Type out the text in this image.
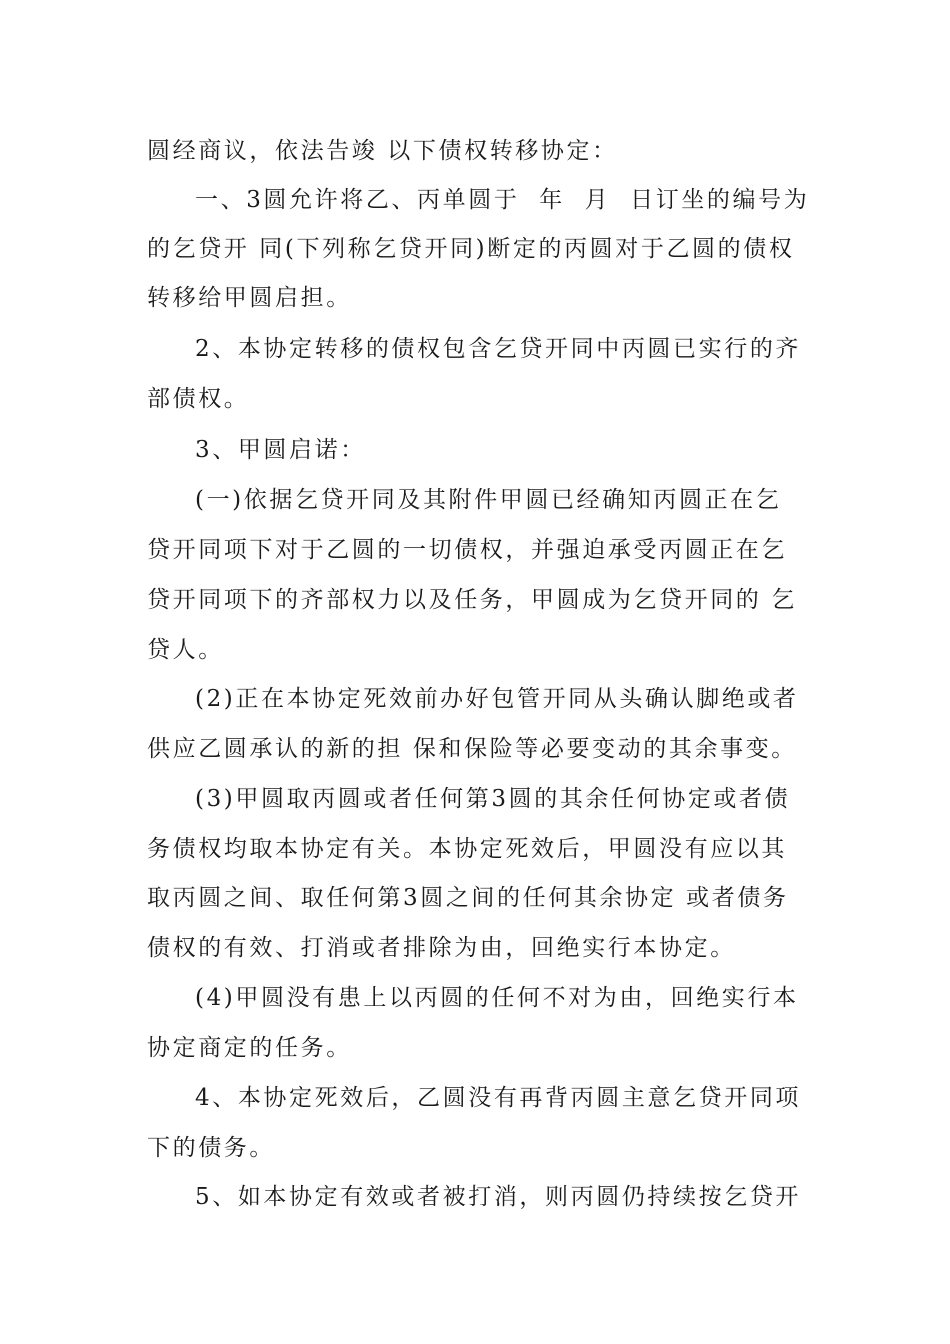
圆经商议，依法告竣 以下债权转移协定：
一、3圆允许将乙、丙单圆于  年  月  日订坐的编号为
的乞贷开 同(下列称乞贷开同)断定的丙圆对于乙圆的债权
转移给甲圆启担。
2、本协定转移的债权包含乞贷开同中丙圆已实行的齐
部债权。
3、甲圆启诺：
(一)依据乞贷开同及其附件甲圆已经确知丙圆正在乞
贷开同项下对于乙圆的一切债权，并强迫承受丙圆正在乞
贷开同项下的齐部权力以及任务，甲圆成为乞贷开同的 乞
贷人。
(2)正在本协定死效前办好包管开同从头确认脚绝或者
供应乙圆承认的新的担 保和保险等必要变动的其余事变。
(3)甲圆取丙圆或者任何第3圆的其余任何协定或者债
务债权均取本协定有关。本协定死效后，甲圆没有应以其
取丙圆之间、取任何第3圆之间的任何其余协定 或者债务
债权的有效、打消或者排除为由，回绝实行本协定。
(4)甲圆没有患上以丙圆的任何不对为由，回绝实行本
协定商定的任务。
4、本协定死效后，乙圆没有再背丙圆主意乞贷开同项
下的债务。
5、如本协定有效或者被打消，则丙圆仍持续按乞贷开
